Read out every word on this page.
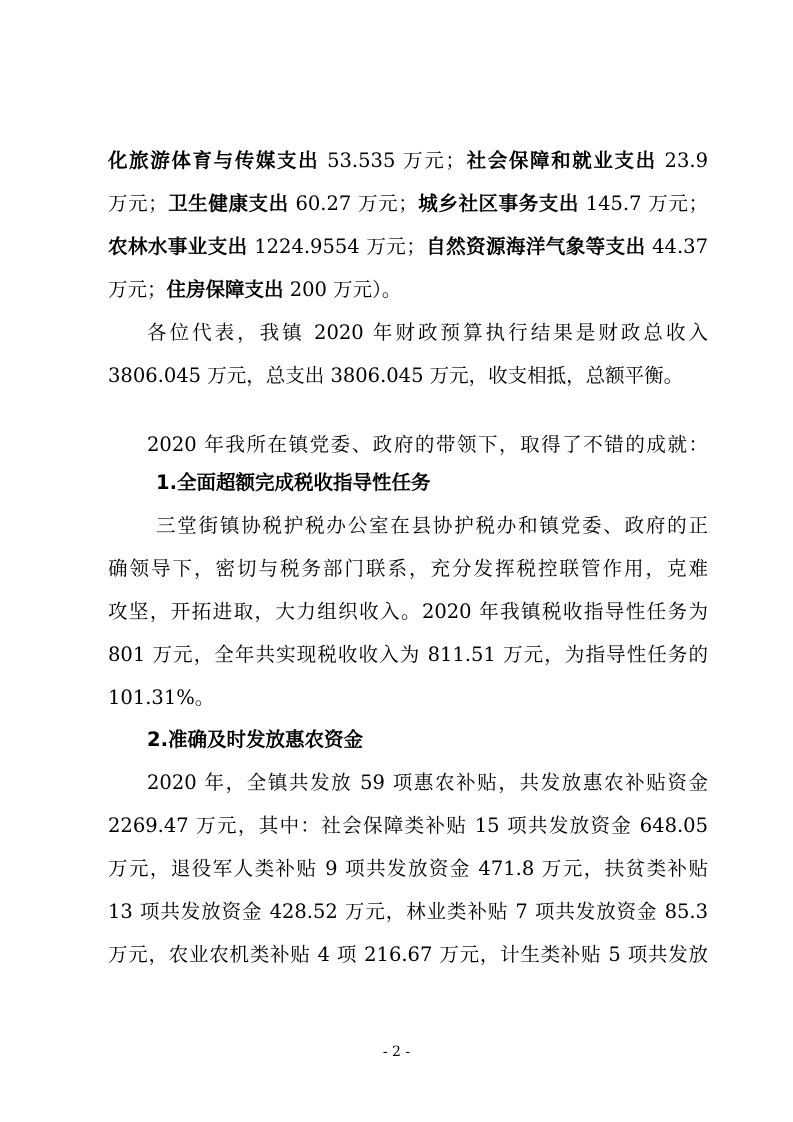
化旅游体育与传媒支出 53.535 万元；社会保障和就业支出 23.9
万元；卫生健康支出 60.27 万元；城乡社区事务支出 145.7 万元；
农林水事业支出 1224.9554 万元；自然资源海洋气象等支出 44.37
万元；住房保障支出 200 万元）。
各位代表，我镇 2020 年财政预算执行结果是财政总收入
3806.045 万元，总支出 3806.045 万元，收支相抵，总额平衡。
2020 年我所在镇党委、政府的带领下，取得了不错的成就：
1.全面超额完成税收指导性任务
三堂街镇协税护税办公室在县协护税办和镇党委、政府的正
确领导下，密切与税务部门联系，充分发挥税控联管作用，克难
攻坚，开拓进取，大力组织收入。2020 年我镇税收指导性任务为
801 万元，全年共实现税收收入为 811.51 万元，为指导性任务的
101.31%。
2.准确及时发放惠农资金
2020 年，全镇共发放 59 项惠农补贴，共发放惠农补贴资金
2269.47 万元，其中：社会保障类补贴 15 项共发放资金 648.05
万元，退役军人类补贴 9 项共发放资金 471.8 万元，扶贫类补贴
13 项共发放资金 428.52 万元，林业类补贴 7 项共发放资金 85.3
万元，农业农机类补贴 4 项 216.67 万元，计生类补贴 5 项共发放
- 2 -
